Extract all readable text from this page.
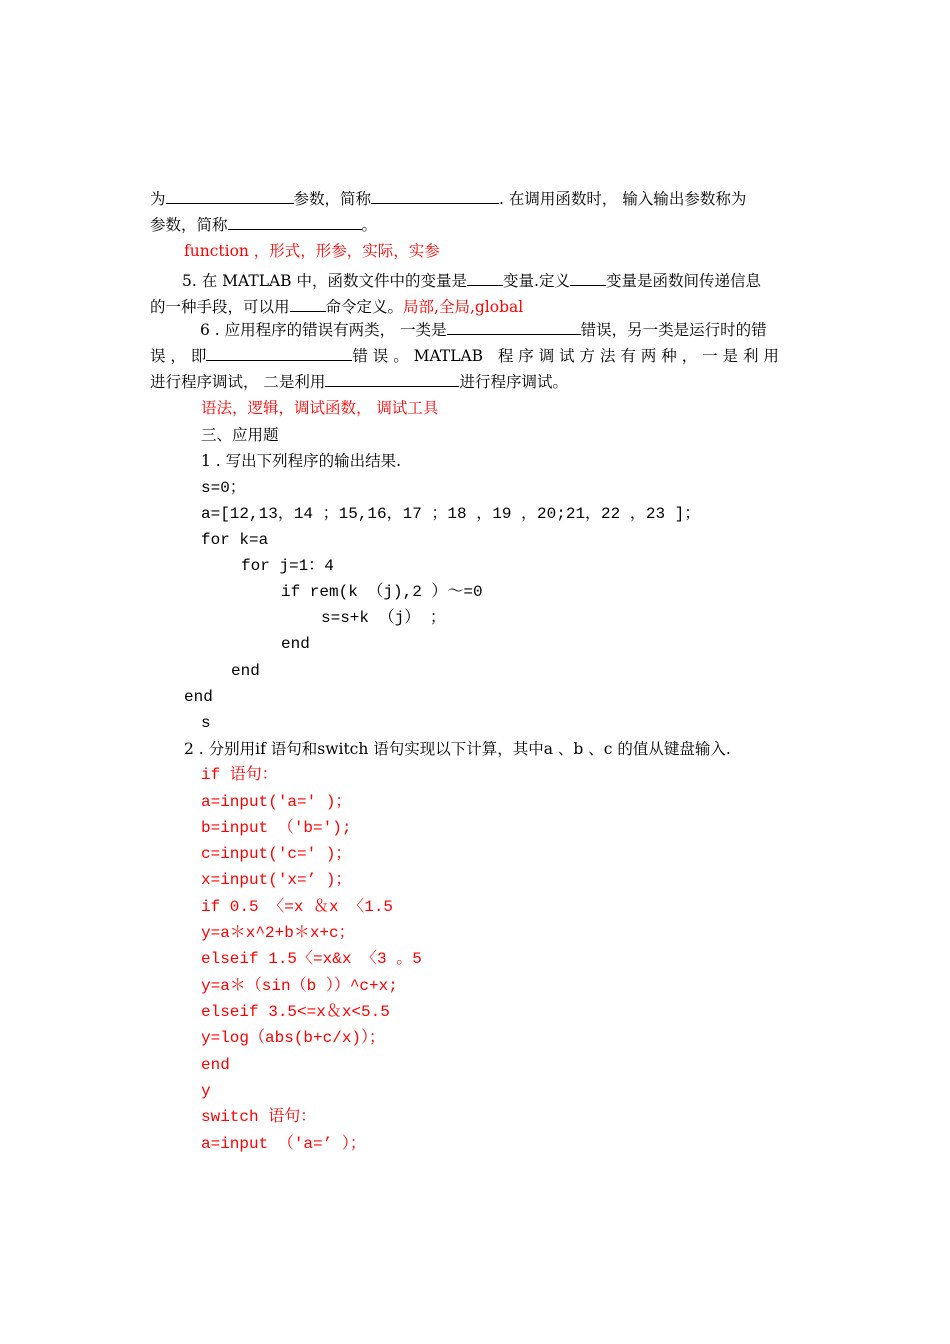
为	参数，简称	. 在调用函数时， 输入输出参数称为
参数，简称	。
function ，形式，形参，实际，实参
5. 在 MATLAB 中，函数文件中的变量是 变量.定义 变量是函数间传递信息
的一种手段，可以用 命令定义。局部,全局,global
6 . 应用程序的错误有两类， 一类是	错误，另一类是运行时的错
误 ， 即	错 误 。 MATLAB   程 序 调 试 方 法 有 两 种 ， 一 是 利 用
进行程序调试， 二是利用	进行程序调试。
语法，逻辑，调试函数， 调试工具
三、应用题
1 . 写出下列程序的输出结果.
s=0；
a=[12,13，14 ；15,16，17 ；18 ，19 ，20;21，22 ，23 ]；
for k=a
for j=1：4
if rem(k （j),2 ）～=0
s=s+k （j） ；
end
end
end
s
2 . 分别用if 语句和switch 语句实现以下计算，其中a 、b 、c 的值从键盘输入.
if 语句：
a=input('a=' )；
b=input （'b=');
c=input('c=' )；
x=input('x=’ )；
if 0.5 〈=x ＆x 〈1.5
y=a＊x^2+b＊x+c；
elseif 1.5〈=x&x 〈3 。5
y=a＊（sin（b ））^c+x;
elseif 3.5<=x＆x<5.5
y=log（abs(b+c/x)）；
end
y
switch 语句：
a=input （'a=’ ）；
